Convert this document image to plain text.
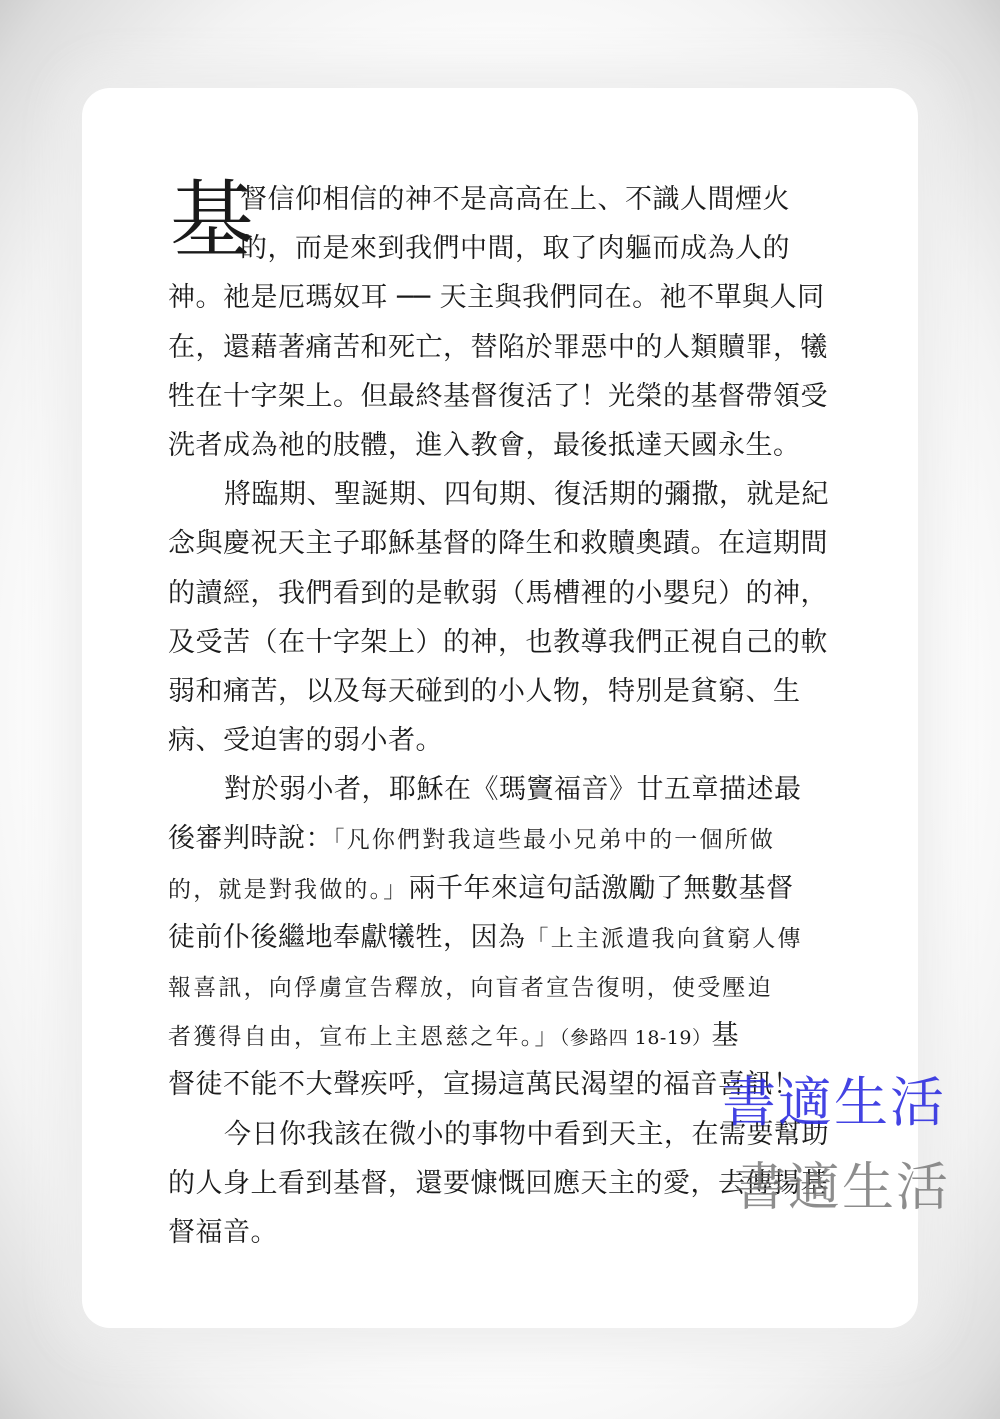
基
督信仰相信的神不是高高在上、不識人間煙火
的，而是來到我們中間，取了肉軀而成為人的
神。祂是厄瑪奴耳 ── 天主與我們同在。祂不單與人同
在，還藉著痛苦和死亡，替陷於罪惡中的人類贖罪，犧
牲在十字架上。但最終基督復活了！光榮的基督帶領受
洗者成為祂的肢體，進入教會，最後抵達天國永生。
將臨期、聖誕期、四旬期、復活期的彌撒，就是紀
念與慶祝天主子耶穌基督的降生和救贖奧蹟。在這期間
的讀經，我們看到的是軟弱（馬槽裡的小嬰兒）的神，
及受苦（在十字架上）的神，也教導我們正視自己的軟
弱和痛苦，以及每天碰到的小人物，特別是貧窮、生
病、受迫害的弱小者。
對於弱小者，耶穌在《瑪竇福音》廿五章描述最
後審判時說：「凡你們對我這些最小兄弟中的一個所做
的，就是對我做的。」兩千年來這句話激勵了無數基督
徒前仆後繼地奉獻犧牲，因為「上主派遣我向貧窮人傳
報喜訊，向俘虜宣告釋放，向盲者宣告復明，使受壓迫
者獲得自由，宣布上主恩慈之年。」（參路四 18-19）基
督徒不能不大聲疾呼，宣揚這萬民渴望的福音喜訊！
今日你我該在微小的事物中看到天主，在需要幫助
的人身上看到基督，還要慷慨回應天主的愛，去傳揚基
督福音。
書適生活
書適生活
